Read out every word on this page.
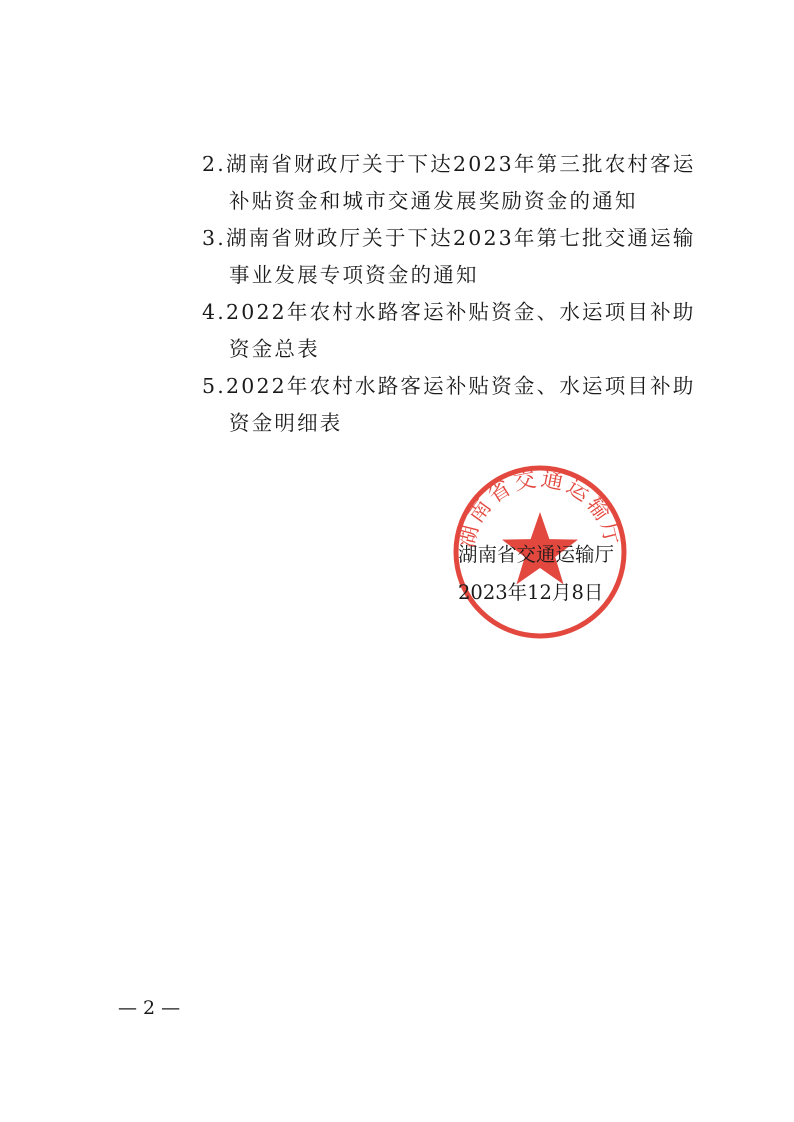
2.湖南省财政厅关于下达2023年第三批农村客运补贴资金和城市交通发展奖励资金的通知
3.湖南省财政厅关于下达2023年第七批交通运输事业发展专项资金的通知
4.2022年农村水路客运补贴资金、水运项目补助资金总表
5.2022年农村水路客运补贴资金、水运项目补助资金明细表
湖南省交通运输厅
湖南省交通运输厅
2023年12月8日
— 2 —
